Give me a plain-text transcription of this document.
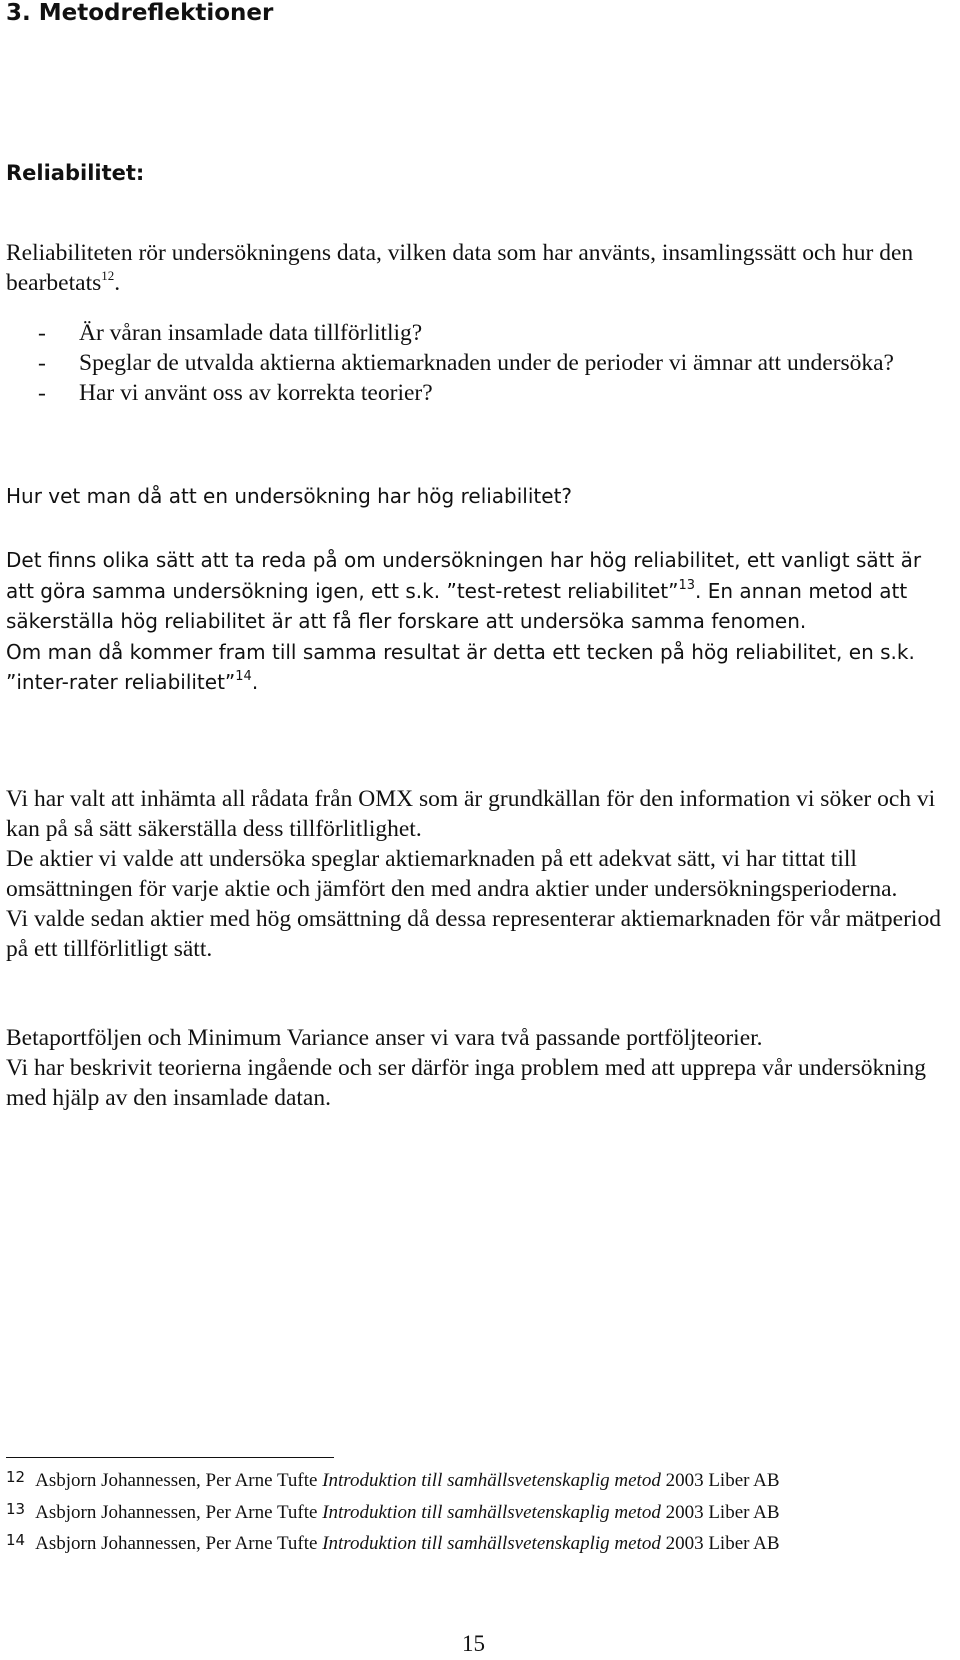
3. Metodreflektioner
Reliabilitet:

Reliabiliteten rör undersökningens data, vilken data som har använts, insamlingssätt och hur den bearbetats$^{12}$.

- Är våran insamlade data tillförlitlig?
- Speglar de utvalda aktierna aktiemarknaden under de perioder vi ämnar att undersöka?
- Har vi använt oss av korrekta teorier?

Hur vet man då att en undersökning har hög reliabilitet?

Det finns olika sätt att ta reda på om undersökningen har hög reliabilitet, ett vanligt sätt är att göra samma undersökning igen, ett s.k. ”test-retest reliabilitet”$^{13}$. En annan metod att säkerställa hög reliabilitet är att få fler forskare att undersöka samma fenomen.
Om man då kommer fram till samma resultat är detta ett tecken på hög reliabilitet, en s.k. ”inter-rater reliabilitet”$^{14}$.
Vi har valt att inhämta all rådata från OMX som är grundkällan för den information vi söker och vi kan på så sätt säkerställa dess tillförlitlighet.
De aktier vi valde att undersöka speglar aktiemarknaden på ett adekvat sätt, vi har tittat till omsättningen för varje aktie och jämfört den med andra aktier under undersökningsperioderna.
Vi valde sedan aktier med hög omsättning då dessa representerar aktiemarknaden för vår mätperiod på ett tillförlitligt sätt.
Betaportföljen och Minimum Variance anser vi vara två passande portföljteorier.
Vi har beskrivit teorierna ingående och ser därför inga problem med att upprepa vår undersökning med hjälp av den insamlade datan.
$^{12}$ Asbjorn Johannessen, Per Arne Tufte Introduktion till samhällsvetenskaplig metod 2003 Liber AB
$^{13}$ Asbjorn Johannessen, Per Arne Tufte Introduktion till samhällsvetenskaplig metod 2003 Liber AB
$^{14}$ Asbjorn Johannessen, Per Arne Tufte Introduktion till samhällsvetenskaplig metod 2003 Liber AB
15
